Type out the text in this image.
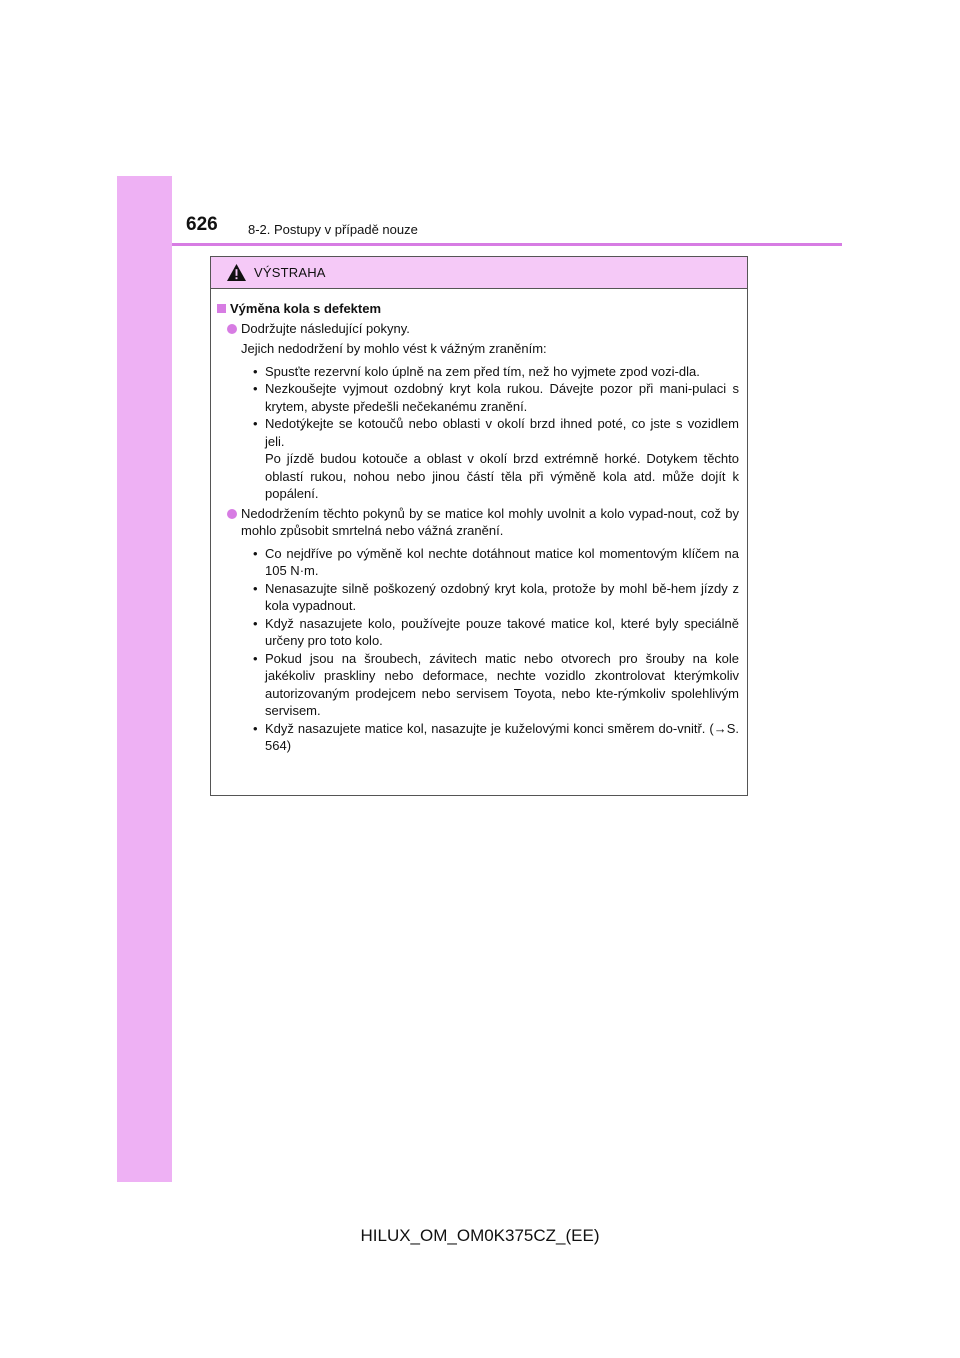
626 8-2. Postupy v případě nouze
VÝSTRAHA
Výměna kola s defektem
Dodržujte následující pokyny.
Jejich nedodržení by mohlo vést k vážným zraněním:
• Spusťte rezervní kolo úplně na zem před tím, než ho vyjmete zpod vozi-dla.
• Nezkoušejte vyjmout ozdobný kryt kola rukou. Dávejte pozor při mani-pulaci s krytem, abyste předešli nečekanému zranění.
• Nedotýkejte se kotoučů nebo oblasti v okolí brzd ihned poté, co jste s vozidlem jeli.
Po jízdě budou kotouče a oblast v okolí brzd extrémně horké. Dotykem těchto oblastí rukou, nohou nebo jinou částí těla při výměně kola atd. může dojít k popálení.
Nedodržením těchto pokynů by se matice kol mohly uvolnit a kolo vypad-nout, což by mohlo způsobit smrtelná nebo vážná zranění.
• Co nejdříve po výměně kol nechte dotáhnout matice kol momentovým klíčem na 105 N·m.
• Nenasazujte silně poškozený ozdobný kryt kola, protože by mohl bě-hem jízdy z kola vypadnout.
• Když nasazujete kolo, používejte pouze takové matice kol, které byly speciálně určeny pro toto kolo.
• Pokud jsou na šroubech, závitech matic nebo otvorech pro šrouby na kole jakékoliv praskliny nebo deformace, nechte vozidlo zkontrolovat kterýmkoliv autorizovaným prodejcem nebo servisem Toyota, nebo kte-rýmkoliv spolehlivým servisem.
• Když nasazujete matice kol, nasazujte je kuželovými konci směrem do-vnitř. (→S. 564)
HILUX_OM_OM0K375CZ_(EE)
